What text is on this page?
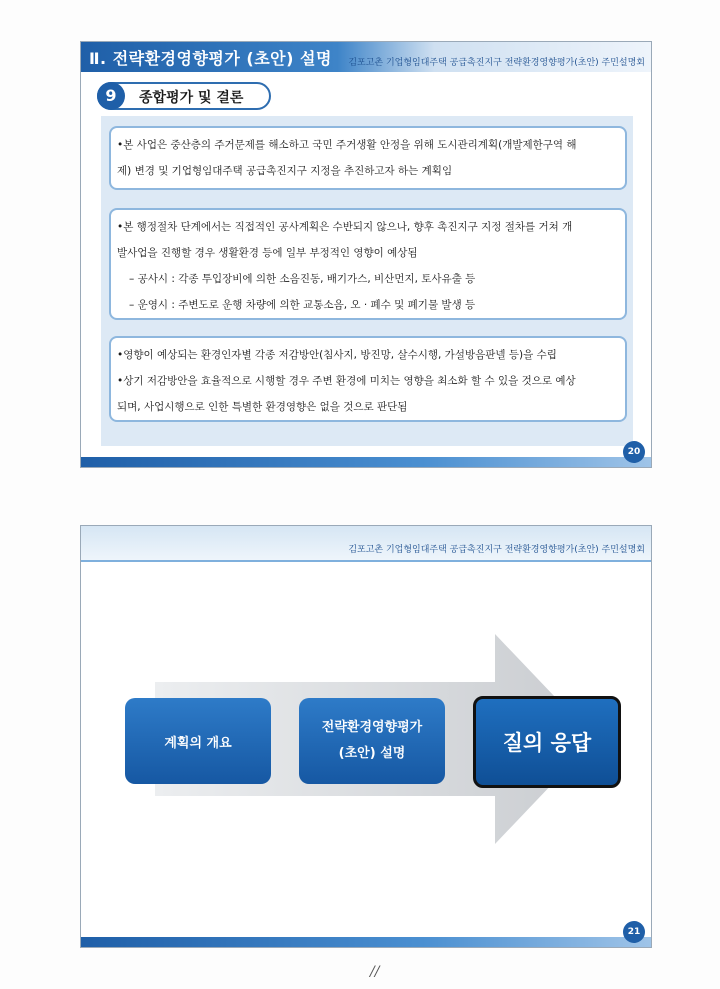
Ⅱ. 전략환경영향평가 (초안) 설명 김포고촌 기업형임대주택 공급촉진지구 전략환경영향평가(초안) 주민설명회
9	종합평가 및 결론

•본 사업은 중산층의 주거문제를 해소하고 국민 주거생활 안정을 위해 도시관리계획(개발제한구역 해

제) 변경 및 기업형임대주택 공급촉진지구 지정을 추진하고자 하는 계획임

•본 행정절차 단계에서는 직접적인 공사계획은 수반되지 않으나, 향후 촉진지구 지정 절차를 거쳐 개

발사업을 진행할 경우 생활환경 등에 일부 부정적인 영향이 예상됨

– 공사시 : 각종 투입장비에 의한 소음진동, 배기가스, 비산먼지, 토사유출 등

– 운영시 : 주변도로 운행 차량에 의한 교통소음, 오 · 폐수 및 폐기물 발생 등

•영향이 예상되는 환경인자별 각종 저감방안(침사지, 방진망, 살수시행, 가설방음판넬 등)을 수립

•상기 저감방안을 효율적으로 시행할 경우 주변 환경에 미치는 영향을 최소화 할 수 있을 것으로 예상

되며, 사업시행으로 인한 특별한 환경영향은 없을 것으로 판단됨

20
김포고촌 기업형임대주택 공급촉진지구 전략환경영향평가(초안) 주민설명회
계획의 개요
전략환경영향평가
(초안) 설명	질의 응답
21
//
